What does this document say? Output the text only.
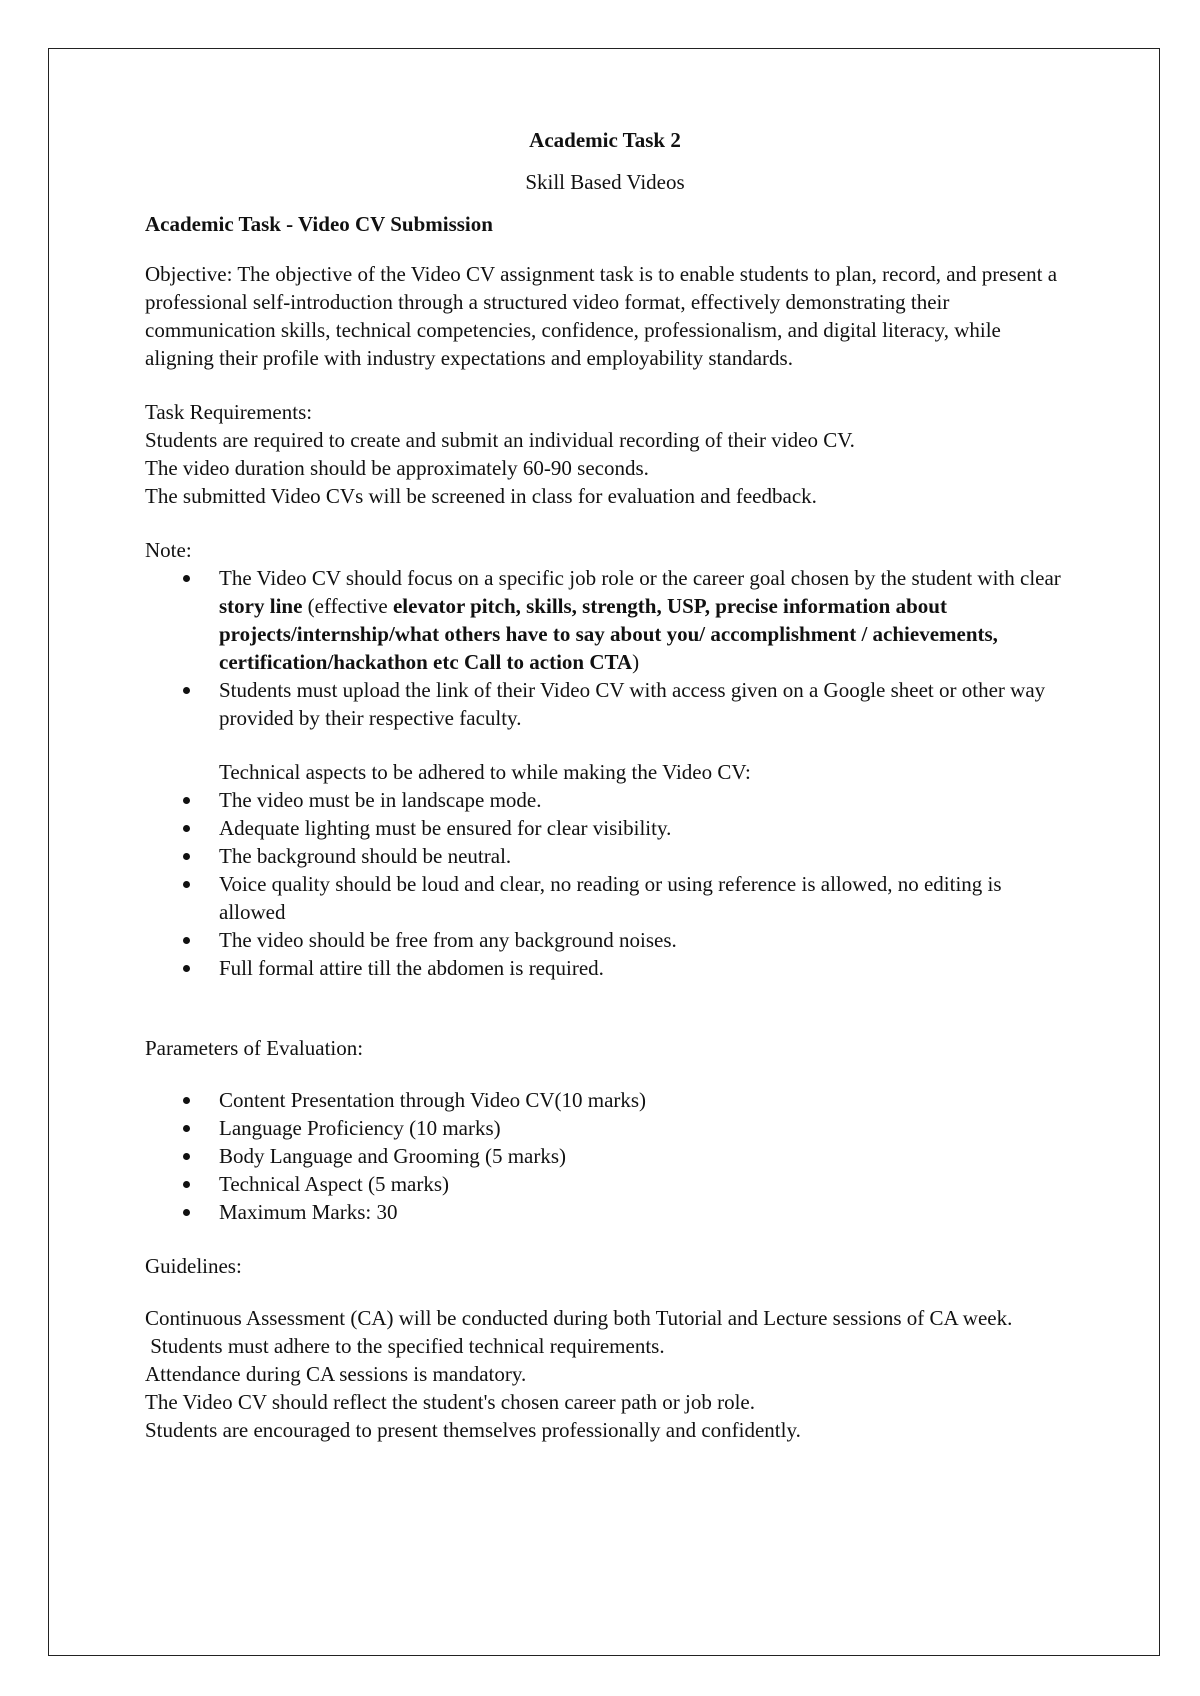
Academic Task 2

Skill Based Videos

Academic Task - Video CV Submission

Objective: The objective of the Video CV assignment task is to enable students to plan, record, and present a professional self-introduction through a structured video format, effectively demonstrating their communication skills, technical competencies, confidence, professionalism, and digital literacy, while aligning their profile with industry expectations and employability standards.

Task Requirements:

Students are required to create and submit an individual recording of their video CV.

The video duration should be approximately 60-90 seconds.

The submitted Video CVs will be screened in class for evaluation and feedback.

Note:

The Video CV should focus on a specific job role or the career goal chosen by the student with clear story line (effective elevator pitch, skills, strength, USP, precise information about projects/internship/what others have to say about you/ accomplishment / achievements, certification/hackathon etc Call to action CTA)
Students must upload the link of their Video CV with access given on a Google sheet or other way provided by their respective faculty.

Technical aspects to be adhered to while making the Video CV:

The video must be in landscape mode.
Adequate lighting must be ensured for clear visibility.
The background should be neutral.
Voice quality should be loud and clear, no reading or using reference is allowed, no editing is allowed
The video should be free from any background noises.
Full formal attire till the abdomen is required.

Parameters of Evaluation:

Content Presentation through Video CV(10 marks)
Language Proficiency (10 marks)
Body Language and Grooming (5 marks)
Technical Aspect (5 marks)
Maximum Marks: 30

Guidelines:

Continuous Assessment (CA) will be conducted during both Tutorial and Lecture sessions of CA week.

Students must adhere to the specified technical requirements.

Attendance during CA sessions is mandatory.

The Video CV should reflect the student's chosen career path or job role.

Students are encouraged to present themselves professionally and confidently.
